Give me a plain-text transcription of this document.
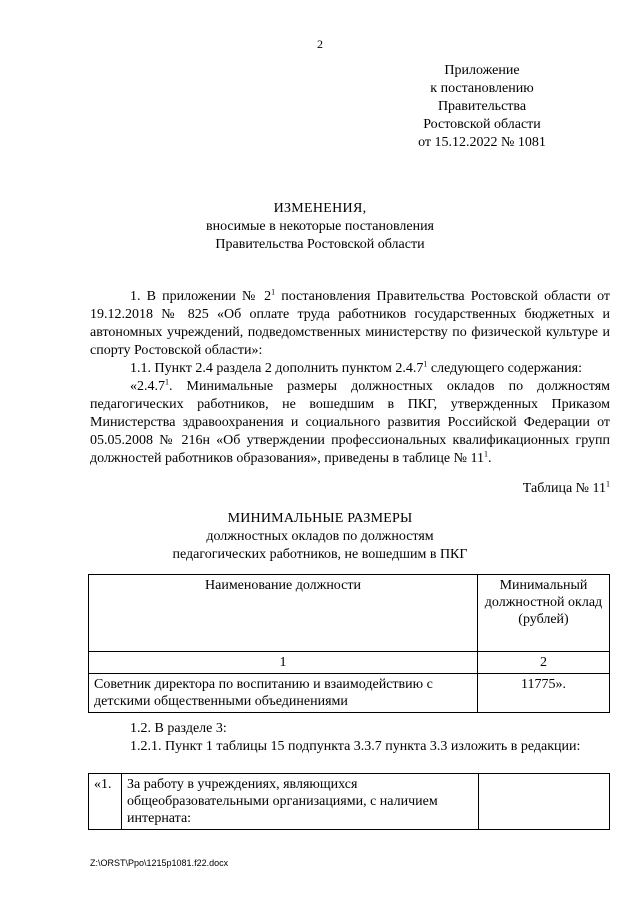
2
Приложение
к постановлению
Правительства
Ростовской области
от 15.12.2022 № 1081
ИЗМЕНЕНИЯ,
вносимые в некоторые постановления
Правительства Ростовской области

1. В приложении № $2^1$ постановления Правительства Ростовской области от 19.12.2018 № 825 «Об оплате труда работников государственных бюджетных и автономных учреждений, подведомственных министерству по физической культуре и спорту Ростовской области»:

1.1. Пункт 2.4 раздела 2 дополнить пунктом 2.4.7$^1$ следующего содержания:

«2.4.7$^1$. Минимальные размеры должностных окладов по должностям педагогических работников, не вошедшим в ПКГ, утвержденных Приказом Министерства здравоохранения и социального развития Российской Федерации от 05.05.2008 № 216н «Об утверждении профессиональных квалификационных групп должностей работников образования», приведены в таблице № $11^1$.

Таблица № $11^1$
МИНИМАЛЬНЫЕ РАЗМЕРЫ
должностных окладов по должностям
педагогических работников, не вошедшим в ПКГ
Наименование должности	Минимальный должностной оклад (рублей)
1	2
Советник директора по воспитанию и взаимодействию с детскими общественными объединениями	11775».

1.2. В разделе 3:

1.2.1. Пункт 1 таблицы 15 подпункта 3.3.7 пункта 3.3 изложить в редакции:

«1.	За работу в учреждениях, являющихся общеобразовательными организациями, с наличием интерната:	
Z:\ORST\Ppo\1215p1081.f22.docx
